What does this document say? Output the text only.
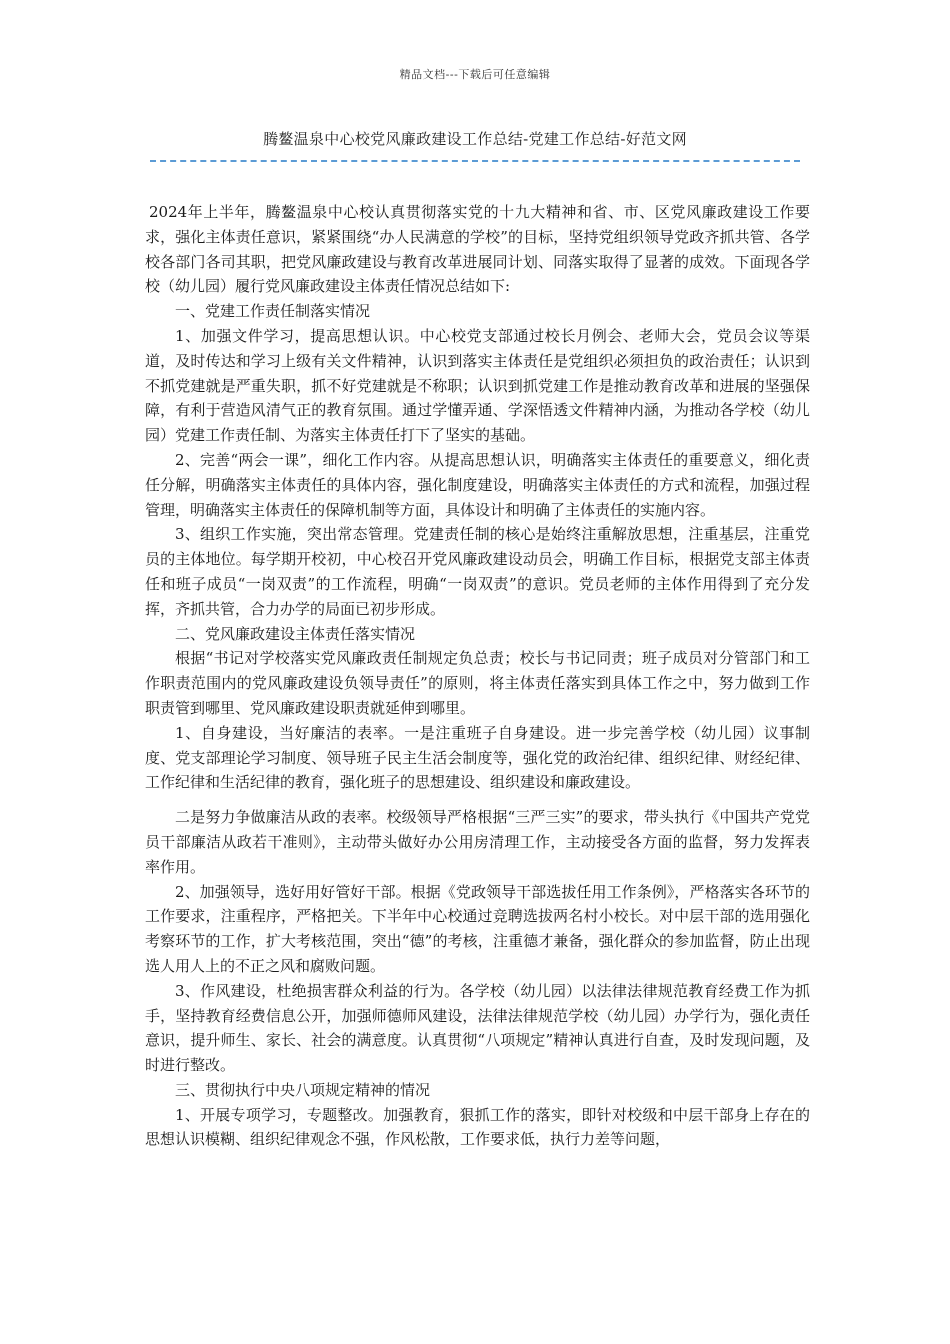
精品文档---下载后可任意编辑
腾鳌温泉中心校党风廉政建设工作总结-党建工作总结-好范文网

2024年上半年，腾鳌温泉中心校认真贯彻落实党的十九大精神和省、市、区党风廉政建设工作要求，强化主体责任意识，紧紧围绕“办人民满意的学校”的目标，坚持党组织领导党政齐抓共管、各学校各部门各司其职，把党风廉政建设与教育改革进展同计划、同落实取得了显著的成效。下面现各学校（幼儿园）履行党风廉政建设主体责任情况总结如下:

一、党建工作责任制落实情况

1、加强文件学习，提高思想认识。中心校党支部通过校长月例会、老师大会，党员会议等渠道，及时传达和学习上级有关文件精神，认识到落实主体责任是党组织必须担负的政治责任；认识到不抓党建就是严重失职，抓不好党建就是不称职；认识到抓党建工作是推动教育改革和进展的坚强保障，有利于营造风清气正的教育氛围。通过学懂弄通、学深悟透文件精神内涵，为推动各学校（幼儿园）党建工作责任制、为落实主体责任打下了坚实的基础。

2、完善“两会一课”，细化工作内容。从提高思想认识，明确落实主体责任的重要意义，细化责任分解，明确落实主体责任的具体内容，强化制度建设，明确落实主体责任的方式和流程，加强过程管理，明确落实主体责任的保障机制等方面，具体设计和明确了主体责任的实施内容。

3、组织工作实施，突出常态管理。党建责任制的核心是始终注重解放思想，注重基层，注重党员的主体地位。每学期开校初，中心校召开党风廉政建设动员会，明确工作目标，根据党支部主体责任和班子成员“一岗双责”的工作流程，明确“一岗双责”的意识。党员老师的主体作用得到了充分发挥，齐抓共管，合力办学的局面已初步形成。

二、党风廉政建设主体责任落实情况

根据“书记对学校落实党风廉政责任制规定负总责；校长与书记同责；班子成员对分管部门和工作职责范围内的党风廉政建设负领导责任”的原则，将主体责任落实到具体工作之中，努力做到工作职责管到哪里、党风廉政建设职责就延伸到哪里。

1、自身建设，当好廉洁的表率。一是注重班子自身建设。进一步完善学校（幼儿园）议事制度、党支部理论学习制度、领导班子民主生活会制度等，强化党的政治纪律、组织纪律、财经纪律、工作纪律和生活纪律的教育，强化班子的思想建设、组织建设和廉政建设。

二是努力争做廉洁从政的表率。校级领导严格根据“三严三实”的要求，带头执行《中国共产党党员干部廉洁从政若干准则》，主动带头做好办公用房清理工作，主动接受各方面的监督，努力发挥表率作用。

2、加强领导，选好用好管好干部。根据《党政领导干部选拔任用工作条例》，严格落实各环节的工作要求，注重程序，严格把关。下半年中心校通过竞聘选拔两名村小校长。对中层干部的选用强化考察环节的工作，扩大考核范围，突出“德”的考核，注重德才兼备，强化群众的参加监督，防止出现选人用人上的不正之风和腐败问题。

3、作风建设，杜绝损害群众利益的行为。各学校（幼儿园）以法律法律规范教育经费工作为抓手，坚持教育经费信息公开，加强师德师风建设，法律法律规范学校（幼儿园）办学行为，强化责任意识，提升师生、家长、社会的满意度。认真贯彻“八项规定”精神认真进行自查，及时发现问题，及时进行整改。

三、贯彻执行中央八项规定精神的情况

1、开展专项学习，专题整改。加强教育，狠抓工作的落实，即针对校级和中层干部身上存在的思想认识模糊、组织纪律观念不强，作风松散，工作要求低，执行力差等问题，
